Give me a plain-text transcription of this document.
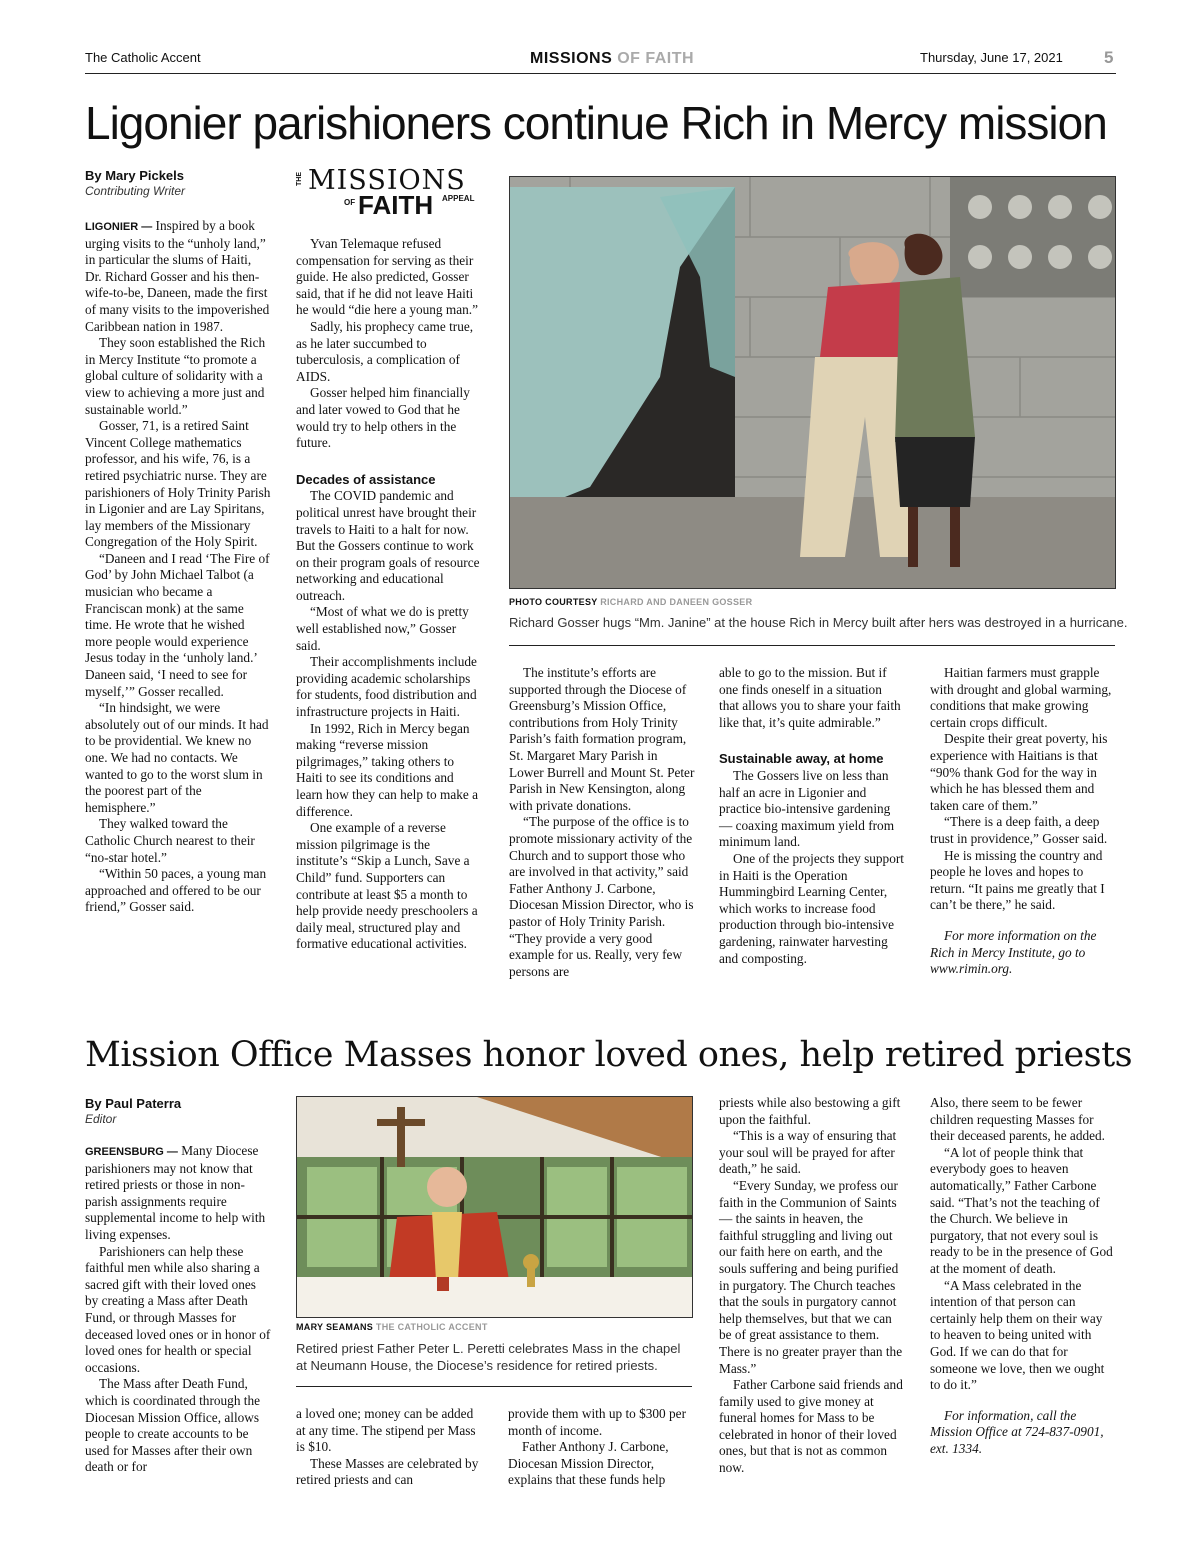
The Catholic Accent	MISSIONS OF FAITH	Thursday, June 17, 2021 5
Ligonier parishioners continue Rich in Mercy mission
By Mary Pickels
Contributing Writer
THE MISSIONS
OF FAITH APPEAL

LIGONIER — Inspired by a book urging visits to the “unholy land,” in particular the slums of Haiti, Dr. Richard Gosser and his then-wife-to-be, Daneen, made the first of many visits to the impoverished Caribbean nation in 1987.

They soon established the Rich in Mercy Institute “to promote a global culture of solidarity with a view to achieving a more just and sustainable world.”

Gosser, 71, is a retired Saint Vincent College mathematics professor, and his wife, 76, is a retired psychiatric nurse. They are parishioners of Holy Trinity Parish in Ligonier and are Lay Spiritans, lay members of the Missionary Congregation of the Holy Spirit.

“Daneen and I read ‘The Fire of God’ by John Michael Talbot (a musician who became a Franciscan monk) at the same time. He wrote that he wished more people would experience Jesus today in the ‘unholy land.’ Daneen said, ‘I need to see for myself,’” Gosser recalled.

“In hindsight, we were absolutely out of our minds. It had to be providential. We knew no one. We had no contacts. We wanted to go to the worst slum in the poorest part of the hemisphere.”

They walked toward the Catholic Church nearest to their “no-star hotel.”

“Within 50 paces, a young man approached and offered to be our friend,” Gosser said.

Yvan Telemaque refused compensation for serving as their guide. He also predicted, Gosser said, that if he did not leave Haiti he would “die here a young man.”

Sadly, his prophecy came true, as he later succumbed to tuberculosis, a complication of AIDS.

Gosser helped him financially and later vowed to God that he would try to help others in the future.

Decades of assistance

The COVID pandemic and political unrest have brought their travels to Haiti to a halt for now. But the Gossers continue to work on their program goals of resource networking and educational outreach.

“Most of what we do is pretty well established now,” Gosser said.

Their accomplishments include providing academic scholarships for students, food distribution and infrastructure projects in Haiti.

In 1992, Rich in Mercy began making “reverse mission pilgrimages,” taking others to Haiti to see its conditions and learn how they can help to make a difference.

One example of a reverse mission pilgrimage is the institute’s “Skip a Lunch, Save a Child” fund. Supporters can contribute at least $5 a month to help provide needy preschoolers a daily meal, structured play and formative educational activities.

PHOTO COURTESY RICHARD AND DANEEN GOSSER
Richard Gosser hugs “Mm. Janine” at the house Rich in Mercy built after hers was destroyed in a hurricane.

The institute’s efforts are supported through the Diocese of Greensburg’s Mission Office, contributions from Holy Trinity Parish’s faith formation program, St. Margaret Mary Parish in Lower Burrell and Mount St. Peter Parish in New Kensington, along with private donations.

“The purpose of the office is to promote missionary activity of the Church and to support those who are involved in that activity,” said Father Anthony J. Carbone, Diocesan Mission Director, who is pastor of Holy Trinity Parish. “They provide a very good example for us. Really, very few persons are

able to go to the mission. But if one finds oneself in a situation that allows you to share your faith like that, it’s quite admirable.”

Sustainable away, at home

The Gossers live on less than half an acre in Ligonier and practice bio-intensive gardening — coaxing maximum yield from minimum land.

One of the projects they support in Haiti is the Operation Hummingbird Learning Center, which works to increase food production through bio-intensive gardening, rainwater harvesting and composting.

Haitian farmers must grapple with drought and global warming, conditions that make growing certain crops difficult.

Despite their great poverty, his experience with Haitians is that “90% thank God for the way in which he has blessed them and taken care of them.”

“There is a deep faith, a deep trust in providence,” Gosser said.

He is missing the country and people he loves and hopes to return. “It pains me greatly that I can’t be there,” he said.

For more information on the Rich in Mercy Institute, go to www.rimin.org.

Mission Office Masses honor loved ones, help retired priests
By Paul Paterra
Editor

GREENSBURG — Many Diocese parishioners may not know that retired priests or those in non-parish assignments require supplemental income to help with living expenses.

Parishioners can help these faithful men while also sharing a sacred gift with their loved ones by creating a Mass after Death Fund, or through Masses for deceased loved ones or in honor of loved ones for health or special occasions.

The Mass after Death Fund, which is coordinated through the Diocesan Mission Office, allows people to create accounts to be used for Masses after their own death or for

MARY SEAMANS THE CATHOLIC ACCENT
Retired priest Father Peter L. Peretti celebrates Mass in the chapel at Neumann House, the Diocese’s residence for retired priests.

a loved one; money can be added at any time. The stipend per Mass is $10.

These Masses are celebrated by retired priests and can

provide them with up to $300 per month of income.

Father Anthony J. Carbone, Diocesan Mission Director, explains that these funds help

priests while also bestowing a gift upon the faithful.

“This is a way of ensuring that your soul will be prayed for after death,” he said.

“Every Sunday, we profess our faith in the Communion of Saints — the saints in heaven, the faithful struggling and living out our faith here on earth, and the souls suffering and being purified in purgatory. The Church teaches that the souls in purgatory cannot help themselves, but that we can be of great assistance to them. There is no greater prayer than the Mass.”

Father Carbone said friends and family used to give money at funeral homes for Mass to be celebrated in honor of their loved ones, but that is not as common now.

Also, there seem to be fewer children requesting Masses for their deceased parents, he added.

“A lot of people think that everybody goes to heaven automatically,” Father Carbone said. “That’s not the teaching of the Church. We believe in purgatory, that not every soul is ready to be in the presence of God at the moment of death.

“A Mass celebrated in the intention of that person can certainly help them on their way to heaven to being united with God. If we can do that for someone we love, then we ought to do it.”

For information, call the Mission Office at 724-837-0901, ext. 1334.
